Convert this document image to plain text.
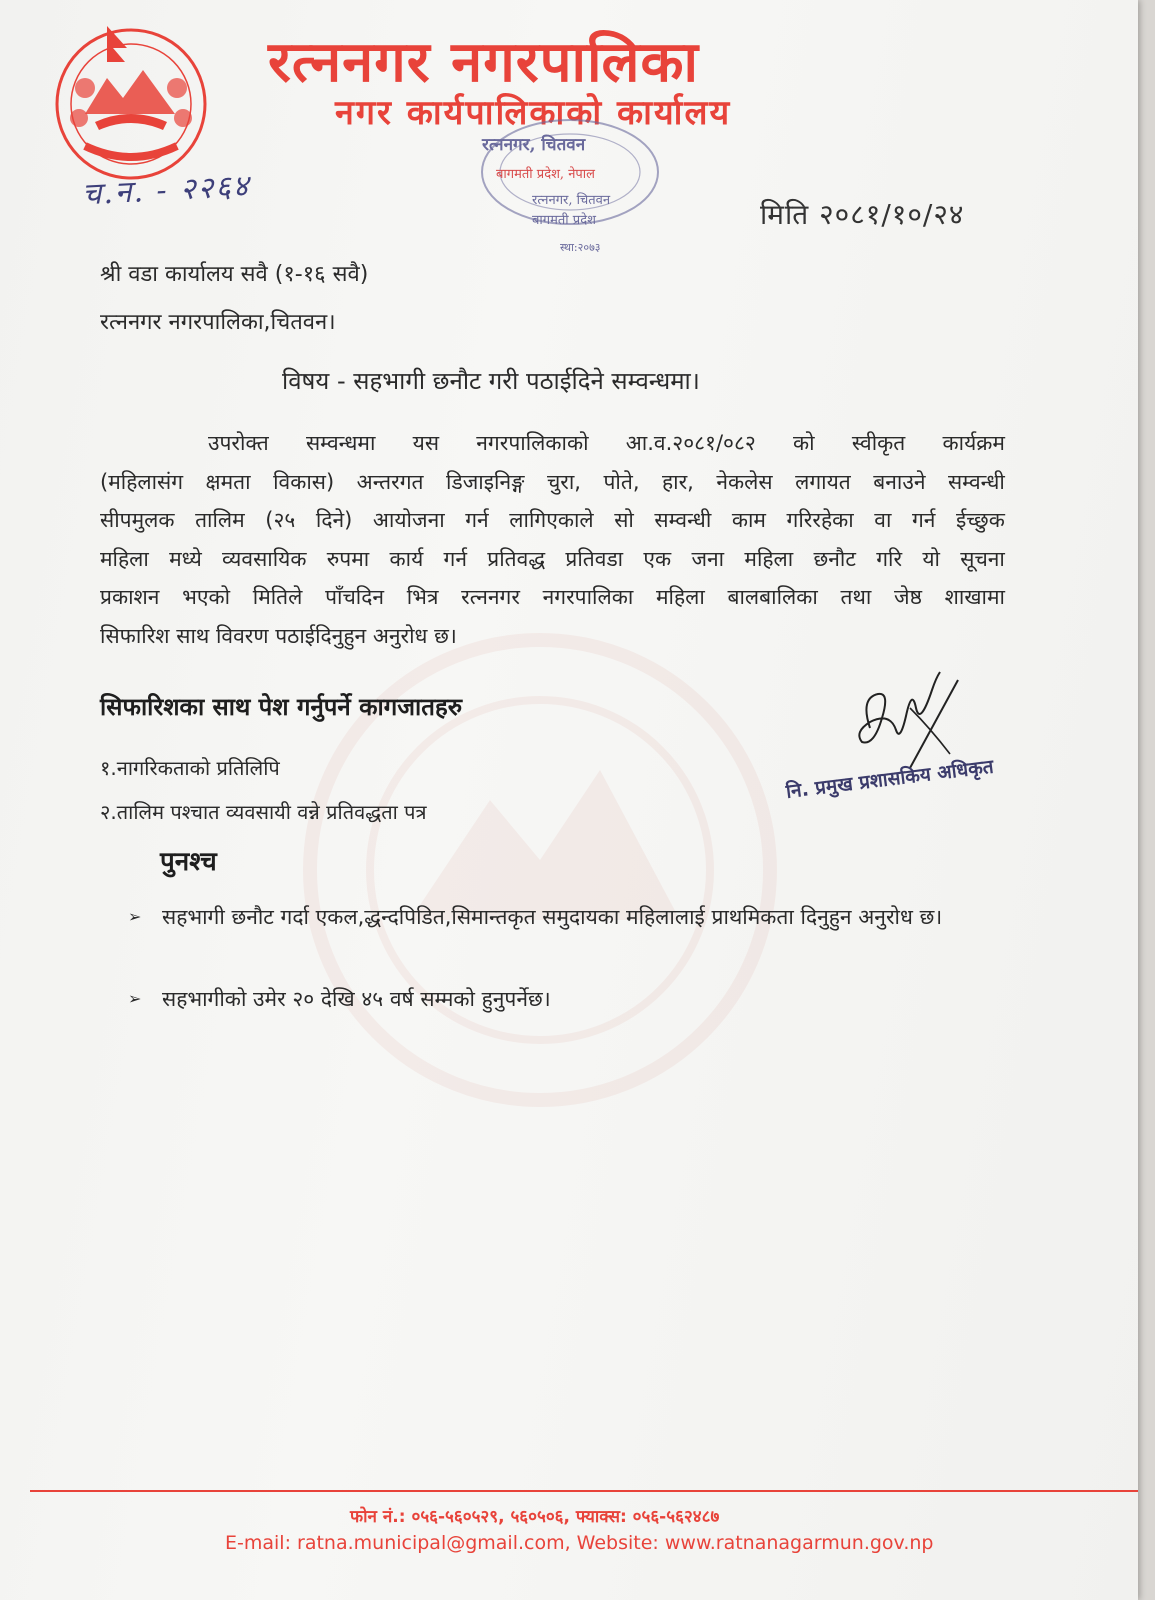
रत्ननगर नगरपालिका
नगर कार्यपालिकाको कार्यालय
रत्ननगर, चितवन
बागमती प्रदेश, नेपाल
रत्ननगर, चितवन
बागमती प्रदेश
स्था:२०७३
च.न. - २२६४
मिति २०८१/१०/२४
श्री वडा कार्यालय सवै (१-१६ सवै)
रत्ननगर नगरपालिका,चितवन।
विषय - सहभागी छनौट गरी पठाईदिने सम्वन्धमा।
उपरोक्त सम्वन्धमा यस नगरपालिकाको आ.व.२०८१/०८२ को स्वीकृत कार्यक्रम
(महिलासंग क्षमता विकास) अन्तरगत डिजाइनिङ्ग चुरा, पोते, हार, नेकलेस लगायत बनाउने सम्वन्धी
सीपमुलक तालिम (२५ दिने) आयोजना गर्न लागिएकाले सो सम्वन्धी काम गरिरहेका वा गर्न ईच्छुक
महिला मध्ये व्यवसायिक रुपमा कार्य गर्न प्रतिवद्ध प्रतिवडा एक जना महिला छनौट गरि यो सूचना
प्रकाशन भएको मितिले पाँचदिन भित्र रत्ननगर नगरपालिका महिला बालबालिका तथा जेष्ठ शाखामा
सिफारिश साथ विवरण पठाईदिनुहुन अनुरोध छ।
सिफारिशका साथ पेश गर्नुपर्ने कागजातहरु
१.नागरिकताको प्रतिलिपि
२.तालिम पश्चात व्यवसायी वन्ने प्रतिवद्धता पत्र
नि. प्रमुख प्रशासकिय अधिकृत
पुनश्च
➢ सहभागी छनौट गर्दा एकल,द्धन्दपिडित,सिमान्तकृत समुदायका महिलालाई प्राथमिकता दिनुहुन अनुरोध छ।
➢ सहभागीको उमेर २० देखि ४५ वर्ष सम्मको हुनुपर्नेछ।
फोन नं.: ०५६-५६०५२९, ५६०५०६, फ्याक्स: ०५६-५६२४८७
E-mail: ratna.municipal@gmail.com, Website: www.ratnanagarmun.gov.np
